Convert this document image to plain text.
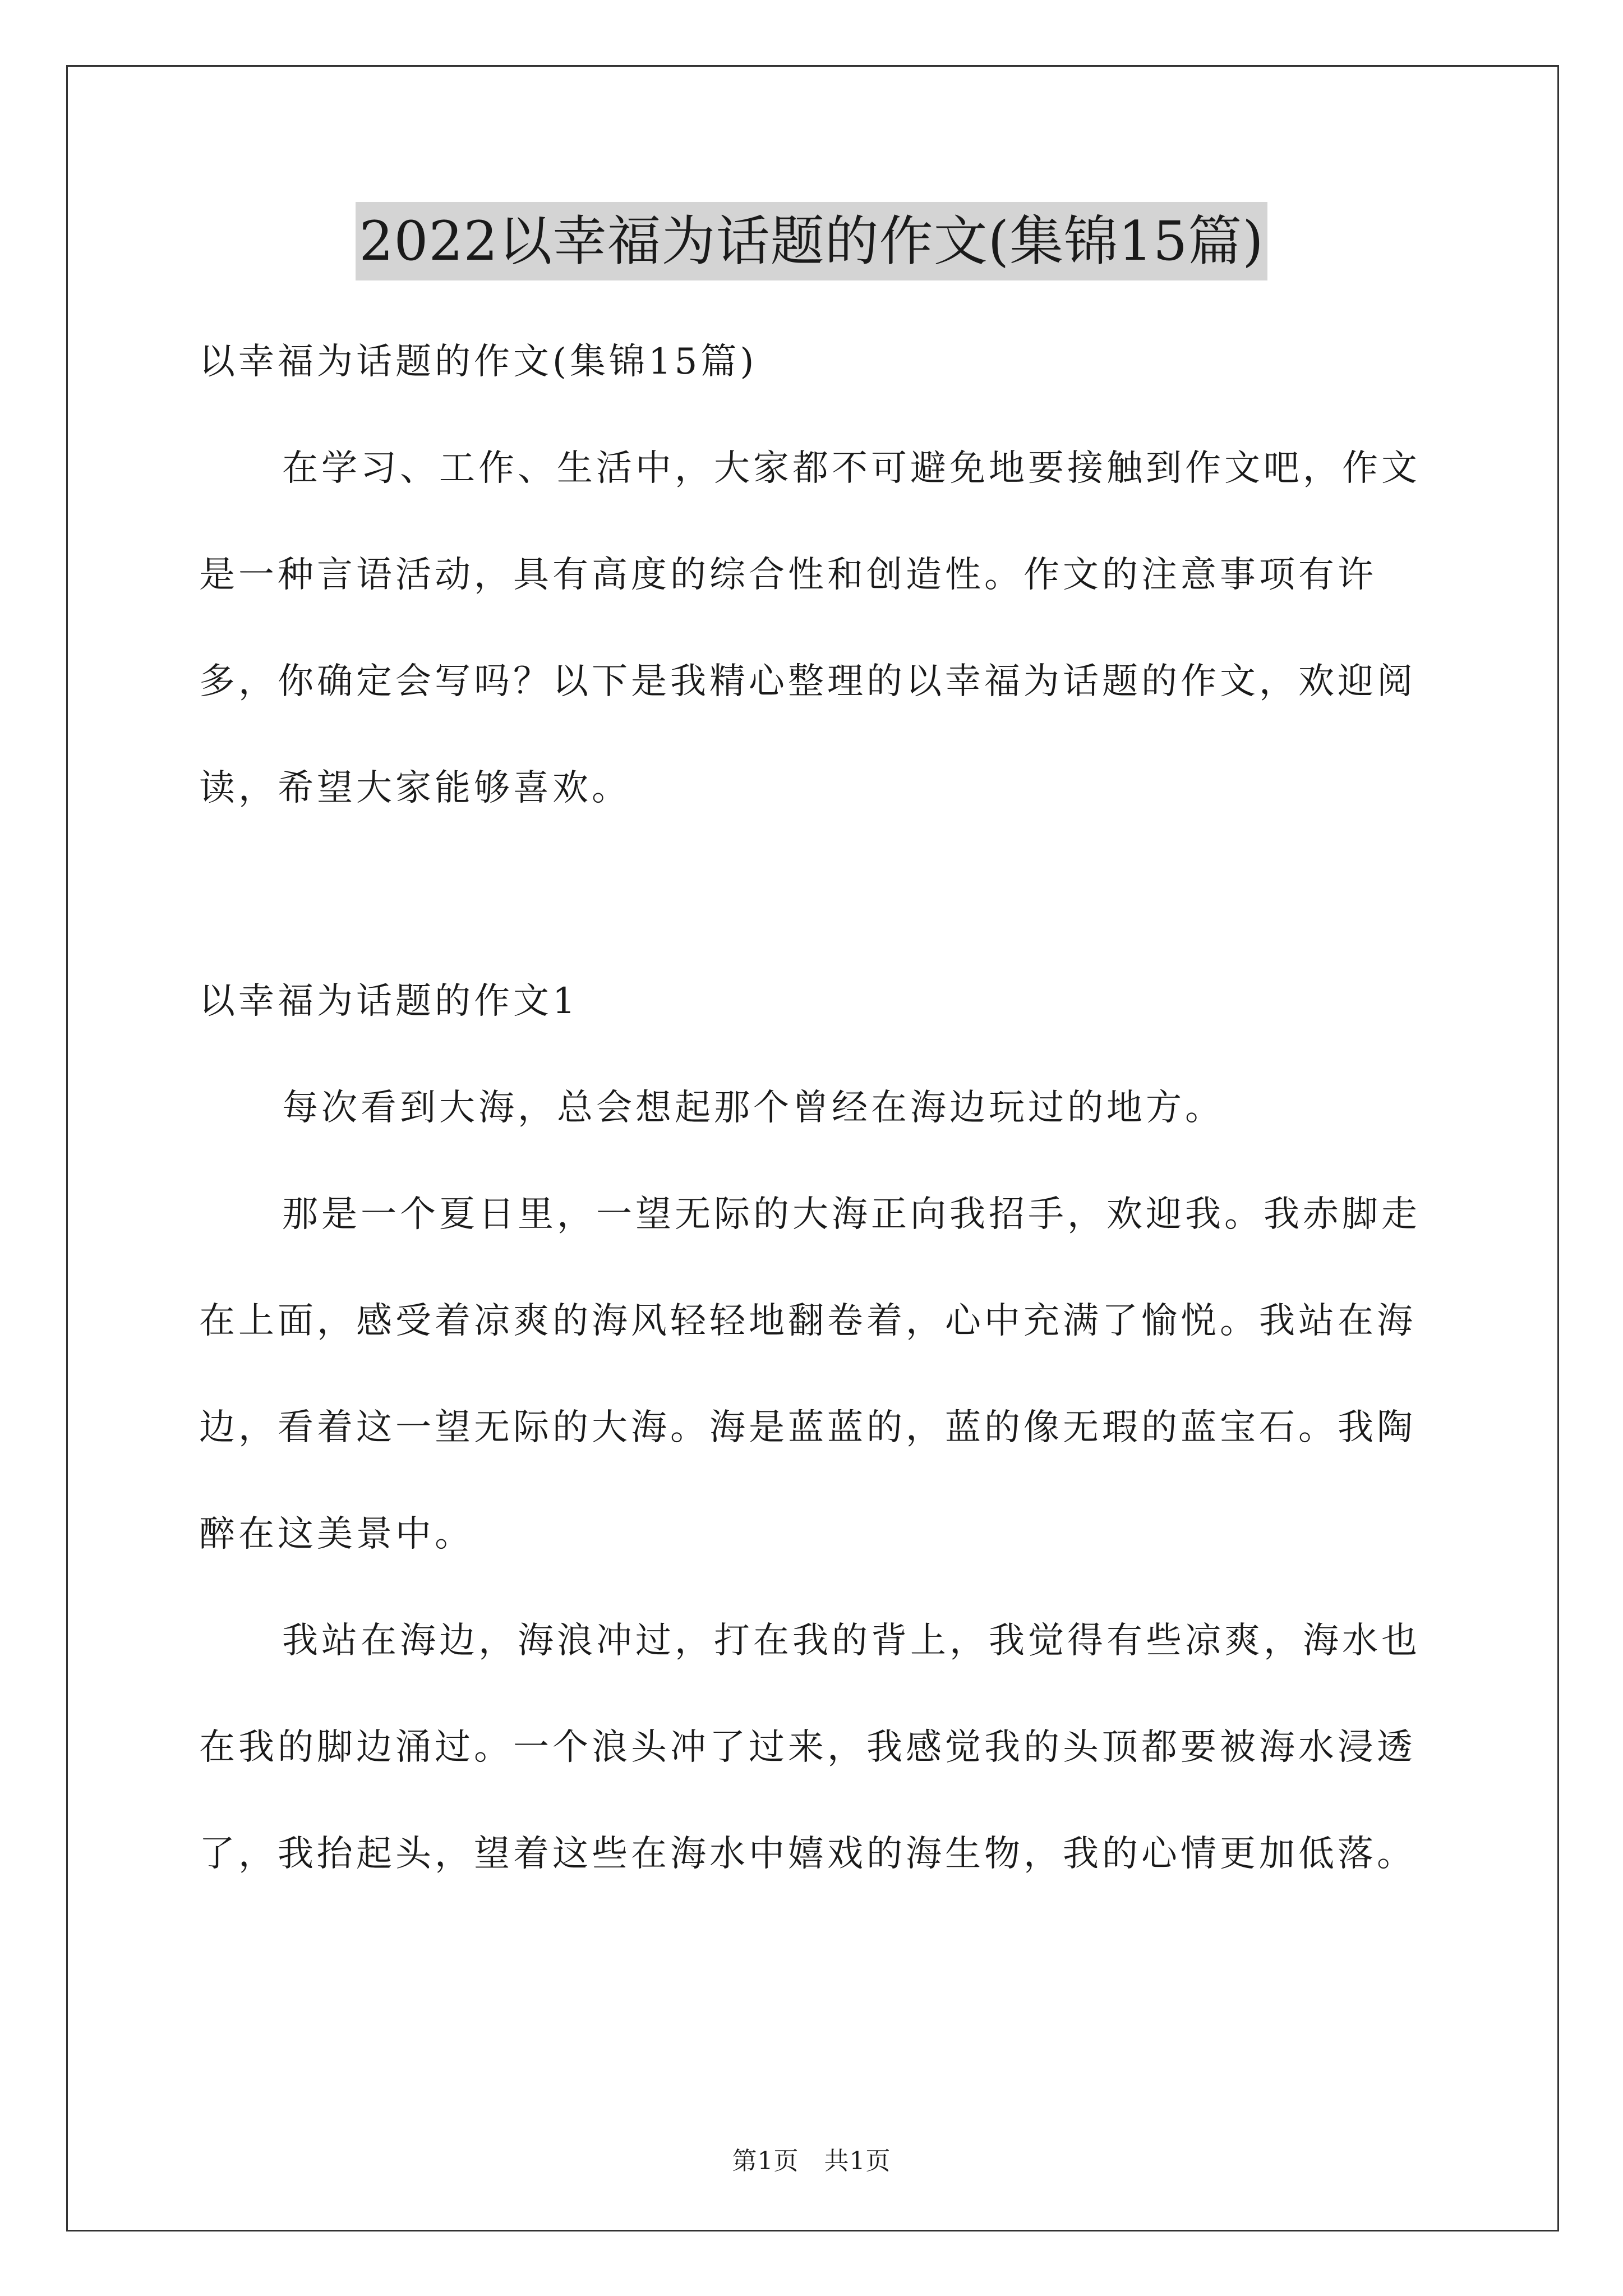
2022以幸福为话题的作文(集锦15篇)

以幸福为话题的作文(集锦15篇)

在学习、工作、生活中，大家都不可避免地要接触到作文吧，作文是一种言语活动，具有高度的综合性和创造性。作文的注意事项有许多，你确定会写吗？以下是我精心整理的以幸福为话题的作文，欢迎阅读，希望大家能够喜欢。

以幸福为话题的作文1

每次看到大海，总会想起那个曾经在海边玩过的地方。

那是一个夏日里，一望无际的大海正向我招手，欢迎我。我赤脚走在上面，感受着凉爽的海风轻轻地翻卷着，心中充满了愉悦。我站在海边，看着这一望无际的大海。海是蓝蓝的，蓝的像无瑕的蓝宝石。我陶醉在这美景中。

我站在海边，海浪冲过，打在我的背上，我觉得有些凉爽，海水也在我的脚边涌过。一个浪头冲了过来，我感觉我的头顶都要被海水浸透了，我抬起头，望着这些在海水中嬉戏的海生物，我的心情更加低落。

第1页　共1页
